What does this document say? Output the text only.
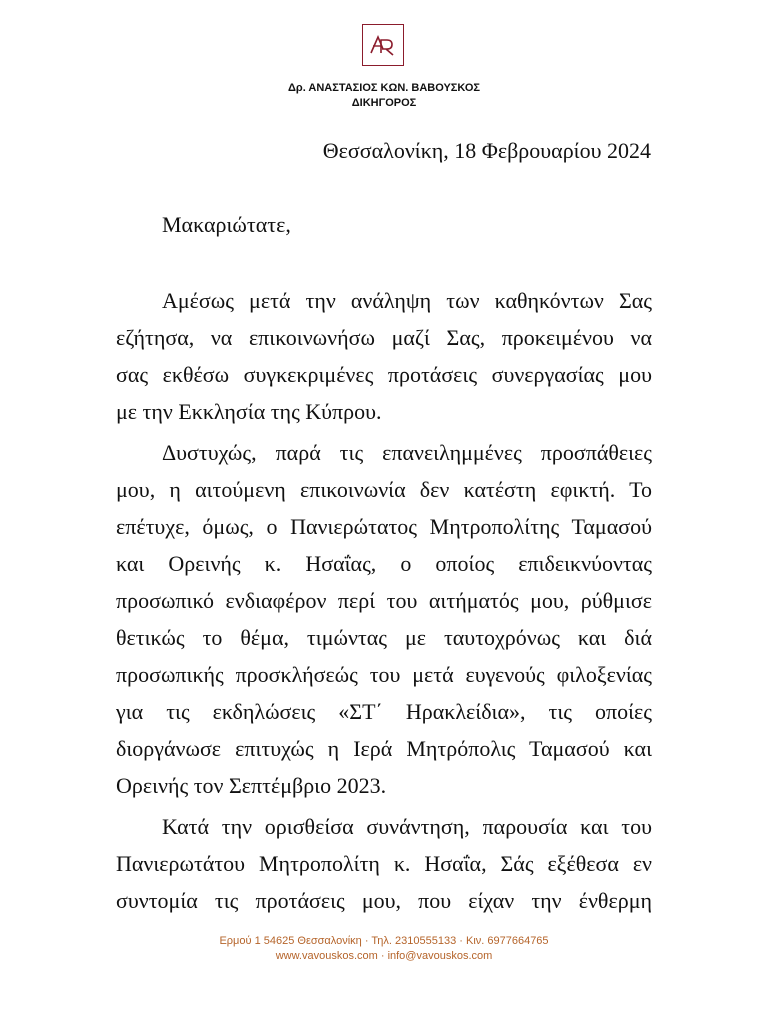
Δρ. ΑΝΑΣΤΑΣΙΟΣ ΚΩΝ. ΒΑΒΟΥΣΚΟΣ
ΔΙΚΗΓΟΡΟΣ
Θεσσαλονίκη, 18 Φεβρουαρίου 2024
Μακαριώτατε,
Αμέσως μετά την ανάληψη των καθηκόντων Σας
εζήτησα, να επικοινωνήσω μαζί Σας, προκειμένου να
σας εκθέσω συγκεκριμένες προτάσεις συνεργασίας μου
με την Εκκλησία της Κύπρου.
Δυστυχώς, παρά τις επανειλημμένες προσπάθειες
μου, η αιτούμενη επικοινωνία δεν κατέστη εφικτή. Το
επέτυχε, όμως, ο Πανιερώτατος Μητροπολίτης Ταμασού
και Ορεινής κ. Ησαΐας, ο οποίος επιδεικνύοντας
προσωπικό ενδιαφέρον περί του αιτήματός μου, ρύθμισε
θετικώς το θέμα, τιμώντας με ταυτοχρόνως και διά
προσωπικής προσκλήσεώς του μετά ευγενούς φιλοξενίας
για τις εκδηλώσεις «ΣΤ΄ Ηρακλείδια», τις οποίες
διοργάνωσε επιτυχώς η Ιερά Μητρόπολις Ταμασού και
Ορεινής τον Σεπτέμβριο 2023.
Κατά την ορισθείσα συνάντηση, παρουσία και του
Πανιερωτάτου Μητροπολίτη κ. Ησαΐα, Σάς εξέθεσα εν
συντομία τις προτάσεις μου, που είχαν την ένθερμη
Ερμού 1 54625 Θεσσαλονίκη · Τηλ. 2310555133 · Κιν. 6977664765
www.vavouskos.com · info@vavouskos.com
